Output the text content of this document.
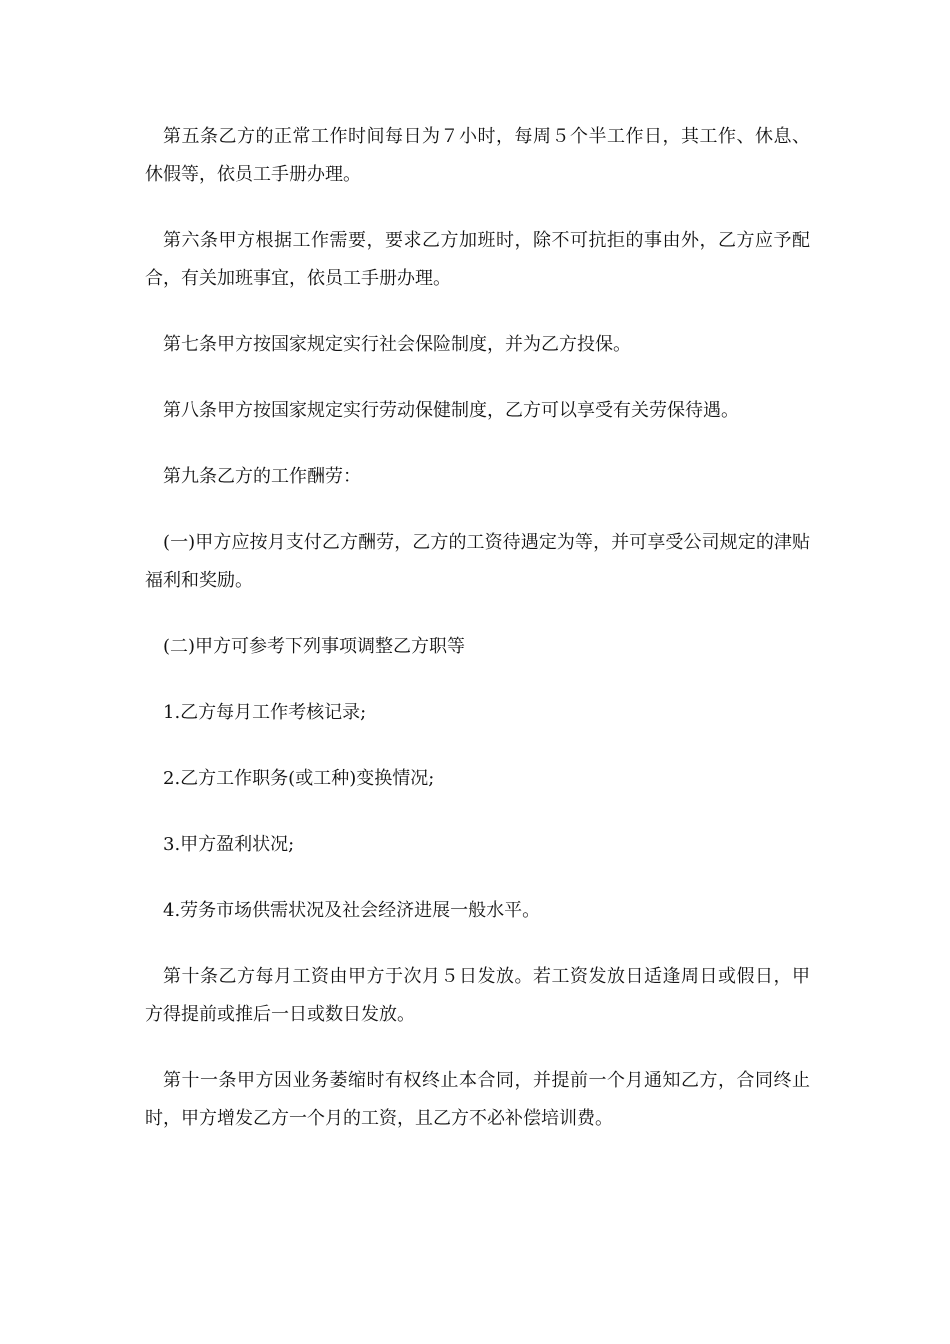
第五条乙方的正常工作时间每日为７小时，每周５个半工作日，其工作、休息、休假等，依员工手册办理。

第六条甲方根据工作需要，要求乙方加班时，除不可抗拒的事由外，乙方应予配合，有关加班事宜，依员工手册办理。

第七条甲方按国家规定实行社会保险制度，并为乙方投保。

第八条甲方按国家规定实行劳动保健制度，乙方可以享受有关劳保待遇。

第九条乙方的工作酬劳：

(一)甲方应按月支付乙方酬劳，乙方的工资待遇定为等，并可享受公司规定的津贴福利和奖励。

(二)甲方可参考下列事项调整乙方职等

1.乙方每月工作考核记录;

2.乙方工作职务(或工种)变换情况;

3.甲方盈利状况;

4.劳务市场供需状况及社会经济进展一般水平。

第十条乙方每月工资由甲方于次月５日发放。若工资发放日适逢周日或假日，甲方得提前或推后一日或数日发放。

第十一条甲方因业务萎缩时有权终止本合同，并提前一个月通知乙方，合同终止时，甲方增发乙方一个月的工资，且乙方不必补偿培训费。
